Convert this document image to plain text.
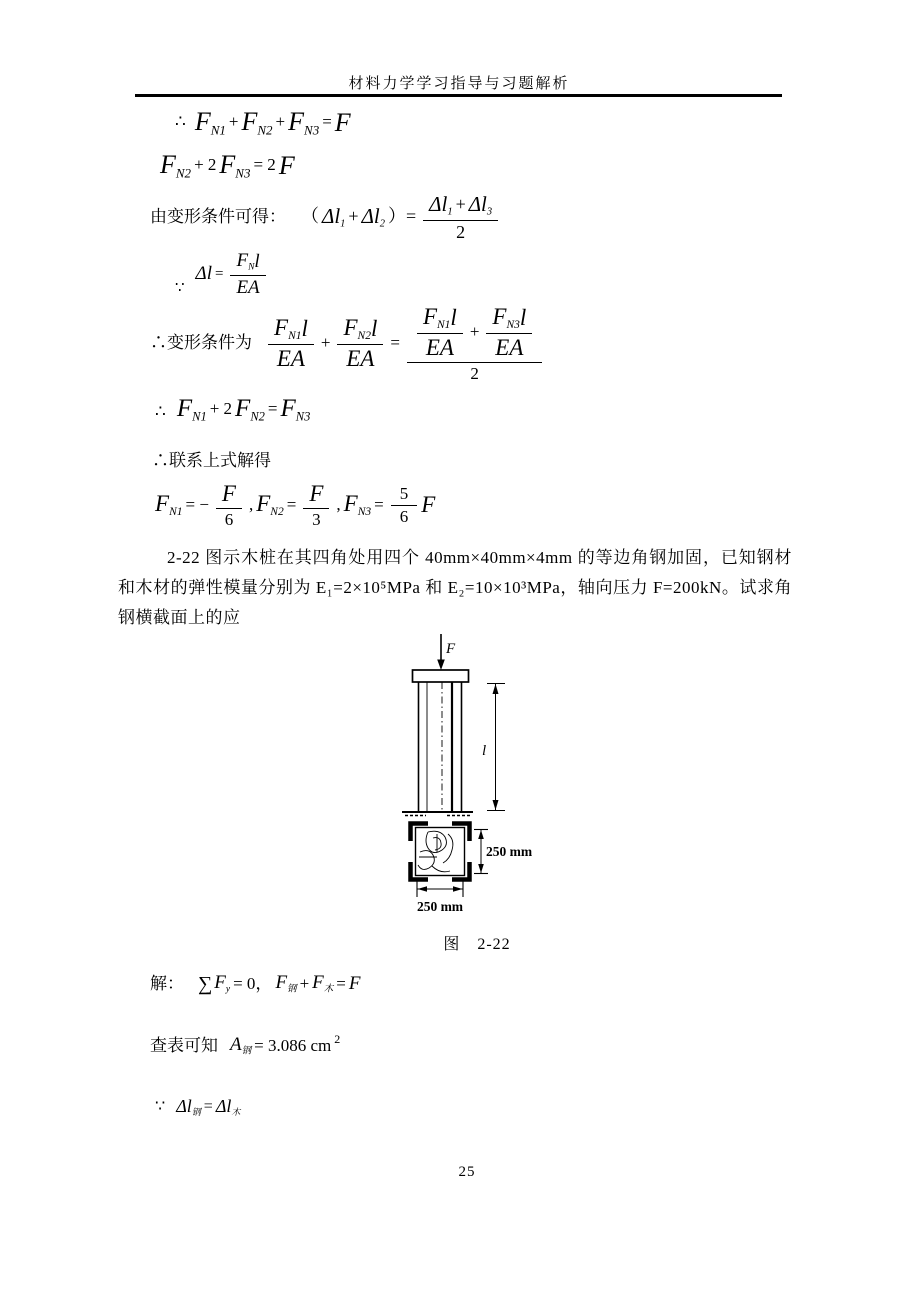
材料力学学习指导与习题解析
∴ $F_{N1} + F_{N2} + F_{N3} = F$
$F_{N2} + 2$ $F_{N3} = 2$ F
由变形条件可得： （ $\Delta l_1 + \Delta l_2$ ）= $\frac{\Delta l_1 + \Delta l_3}{2}$
∵
$\Delta l = \frac{F_N l}{EA}$
∴变形条件为 $\frac{F_{N1} l}{EA} + \frac{F_{N2} l}{EA} = \frac{\frac{F_{N1} l}{EA} + \frac{F_{N3} l}{EA}}{2}$
∴ $F_{N1} + 2$ $F_{N2} = F_{N3}$
∴联系上式解得
$F_{N1}$ = − $\frac{F}{6}$ , $F_{N2} = \frac{F}{3}$ , $F_{N3} = \frac{5}{6}$ F
2-22 图示木桩在其四角处用四个 40mm×40mm×4mm 的等边角钢加固，已知钢材和木材的弹性模量分别为 E₁=2×10⁵MPa 和 E₂=10×10³MPa，轴向压力 F=200kN。试求角钢横截面上的应
F
l
250 mm
250 mm
图　2-22
解： ∑ $F_y = 0$， $F_钢 + F_木 = F$
查表可知 $A_钢 = 3.086$ cm 2
∵ $\Delta l_钢 = \Delta l_木$
25
